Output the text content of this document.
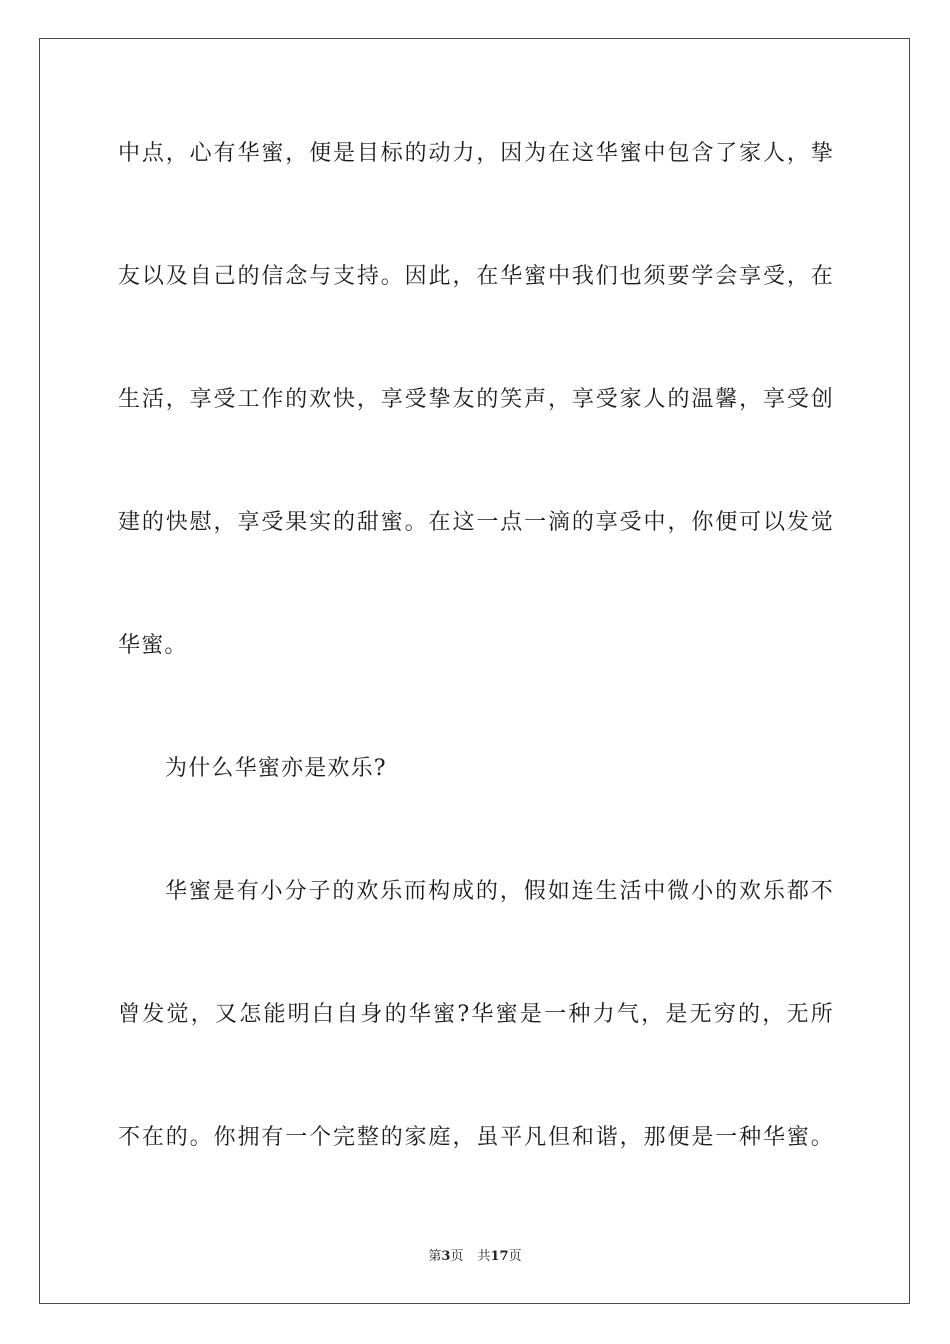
中点，心有华蜜，便是目标的动力，因为在这华蜜中包含了家人，挚
友以及自己的信念与支持。因此，在华蜜中我们也须要学会享受，在
生活，享受工作的欢快，享受挚友的笑声，享受家人的温馨，享受创
建的快慰，享受果实的甜蜜。在这一点一滴的享受中，你便可以发觉
华蜜。
为什么华蜜亦是欢乐?
华蜜是有小分子的欢乐而构成的，假如连生活中微小的欢乐都不
曾发觉，又怎能明白自身的华蜜?华蜜是一种力气，是无穷的，无所
不在的。你拥有一个完整的家庭，虽平凡但和谐，那便是一种华蜜。
第3页 共17页
